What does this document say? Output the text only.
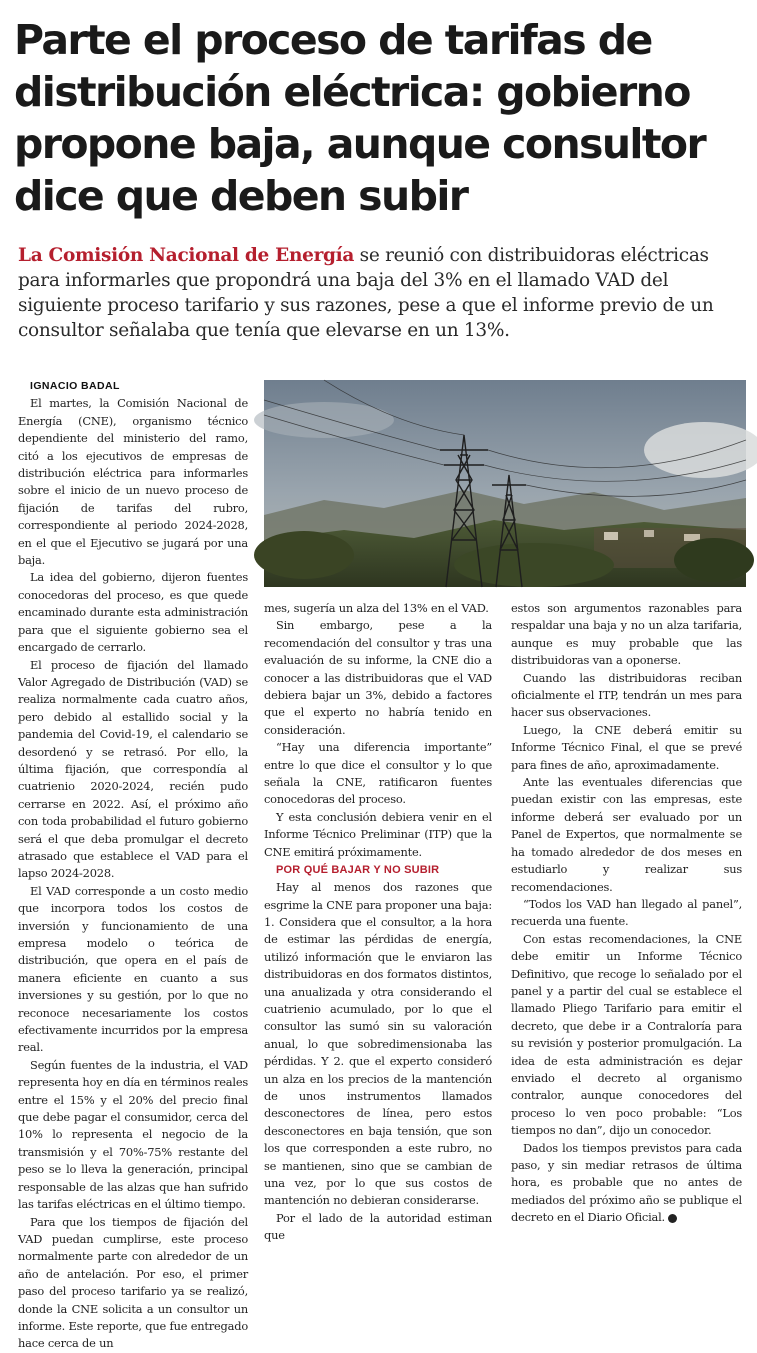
Parte el proceso de tarifas de
distribución eléctrica: gobierno
propone baja, aunque consultor
dice que deben subir

La Comisión Nacional de Energía se reunió con distribuidoras eléctricas para informarles que propondrá una baja del 3% en el llamado VAD del siguiente proceso tarifario y sus razones, pese a que el informe previo de un consultor señalaba que tenía que elevarse en un 13%.

IGNACIO BADAL

El martes, la Comisión Nacional de Energía (CNE), organismo técnico dependiente del ministerio del ramo, citó a los ejecutivos de empresas de distribución eléctrica para informarles sobre el inicio de un nuevo proceso de fijación de tarifas del rubro, correspondiente al periodo 2024-2028, en el que el Ejecutivo se jugará por una baja.

La idea del gobierno, dijeron fuentes conocedoras del proceso, es que quede encaminado durante esta administración para que el siguiente gobierno sea el encargado de cerrarlo.

El proceso de fijación del llamado Valor Agregado de Distribución (VAD) se realiza normalmente cada cuatro años, pero debido al estallido social y la pandemia del Covid-19, el calendario se desordenó y se retrasó. Por ello, la última fijación, que correspondía al cuatrienio 2020-2024, recién pudo cerrarse en 2022. Así, el próximo año con toda probabilidad el futuro gobierno será el que deba promulgar el decreto atrasado que establece el VAD para el lapso 2024-2028.

El VAD corresponde a un costo medio que incorpora todos los costos de inversión y funcionamiento de una empresa modelo o teórica de distribución, que opera en el país de manera eficiente en cuanto a sus inversiones y su gestión, por lo que no reconoce necesariamente los costos efectivamente incurridos por la empresa real.

Según fuentes de la industria, el VAD representa hoy en día en términos reales entre el 15% y el 20% del precio final que debe pagar el consumidor, cerca del 10% lo representa el negocio de la transmisión y el 70%-75% restante del peso se lo lleva la generación, principal responsable de las alzas que han sufrido las tarifas eléctricas en el último tiempo.

Para que los tiempos de fijación del VAD puedan cumplirse, este proceso normalmente parte con alrededor de un año de antelación. Por eso, el primer paso del proceso tarifario ya se realizó, donde la CNE solicita a un consultor un informe. Este reporte, que fue entregado hace cerca de un

mes, sugería un alza del 13% en el VAD.

Sin embargo, pese a la recomendación del consultor y tras una evaluación de su informe, la CNE dio a conocer a las distribuidoras que el VAD debiera bajar un 3%, debido a factores que el experto no habría tenido en consideración.

“Hay una diferencia importante” entre lo que dice el consultor y lo que señala la CNE, ratificaron fuentes conocedoras del proceso.

Y esta conclusión debiera venir en el Informe Técnico Preliminar (ITP) que la CNE emitirá próximamente.

POR QUÉ BAJAR Y NO SUBIR

Hay al menos dos razones que esgrime la CNE para proponer una baja: 1. Considera que el consultor, a la hora de estimar las pérdidas de energía, utilizó información que le enviaron las distribuidoras en dos formatos distintos, una anualizada y otra considerando el cuatrienio acumulado, por lo que el consultor las sumó sin su valoración anual, lo que sobredimensionaba las pérdidas. Y 2. que el experto consideró un alza en los precios de la mantención de unos instrumentos llamados desconectores de línea, pero estos desconectores en baja tensión, que son los que corresponden a este rubro, no se mantienen, sino que se cambian de una vez, por lo que sus costos de mantención no debieran considerarse.

Por el lado de la autoridad estiman que

estos son argumentos razonables para respaldar una baja y no un alza tarifaria, aunque es muy probable que las distribuidoras van a oponerse.

Cuando las distribuidoras reciban oficialmente el ITP, tendrán un mes para hacer sus observaciones.

Luego, la CNE deberá emitir su Informe Técnico Final, el que se prevé para fines de año, aproximadamente.

Ante las eventuales diferencias que puedan existir con las empresas, este informe deberá ser evaluado por un Panel de Expertos, que normalmente se ha tomado alrededor de dos meses en estudiarlo y realizar sus recomendaciones.

“Todos los VAD han llegado al panel”, recuerda una fuente.

Con estas recomendaciones, la CNE debe emitir un Informe Técnico Definitivo, que recoge lo señalado por el panel y a partir del cual se establece el llamado Pliego Tarifario para emitir el decreto, que debe ir a Contraloría para su revisión y posterior promulgación. La idea de esta administración es dejar enviado el decreto al organismo contralor, aunque conocedores del proceso lo ven poco probable: “Los tiempos no dan”, dijo un conocedor.

Dados los tiempos previstos para cada paso, y sin mediar retrasos de última hora, es probable que no antes de mediados del próximo año se publique el decreto en el Diario Oficial.	P
